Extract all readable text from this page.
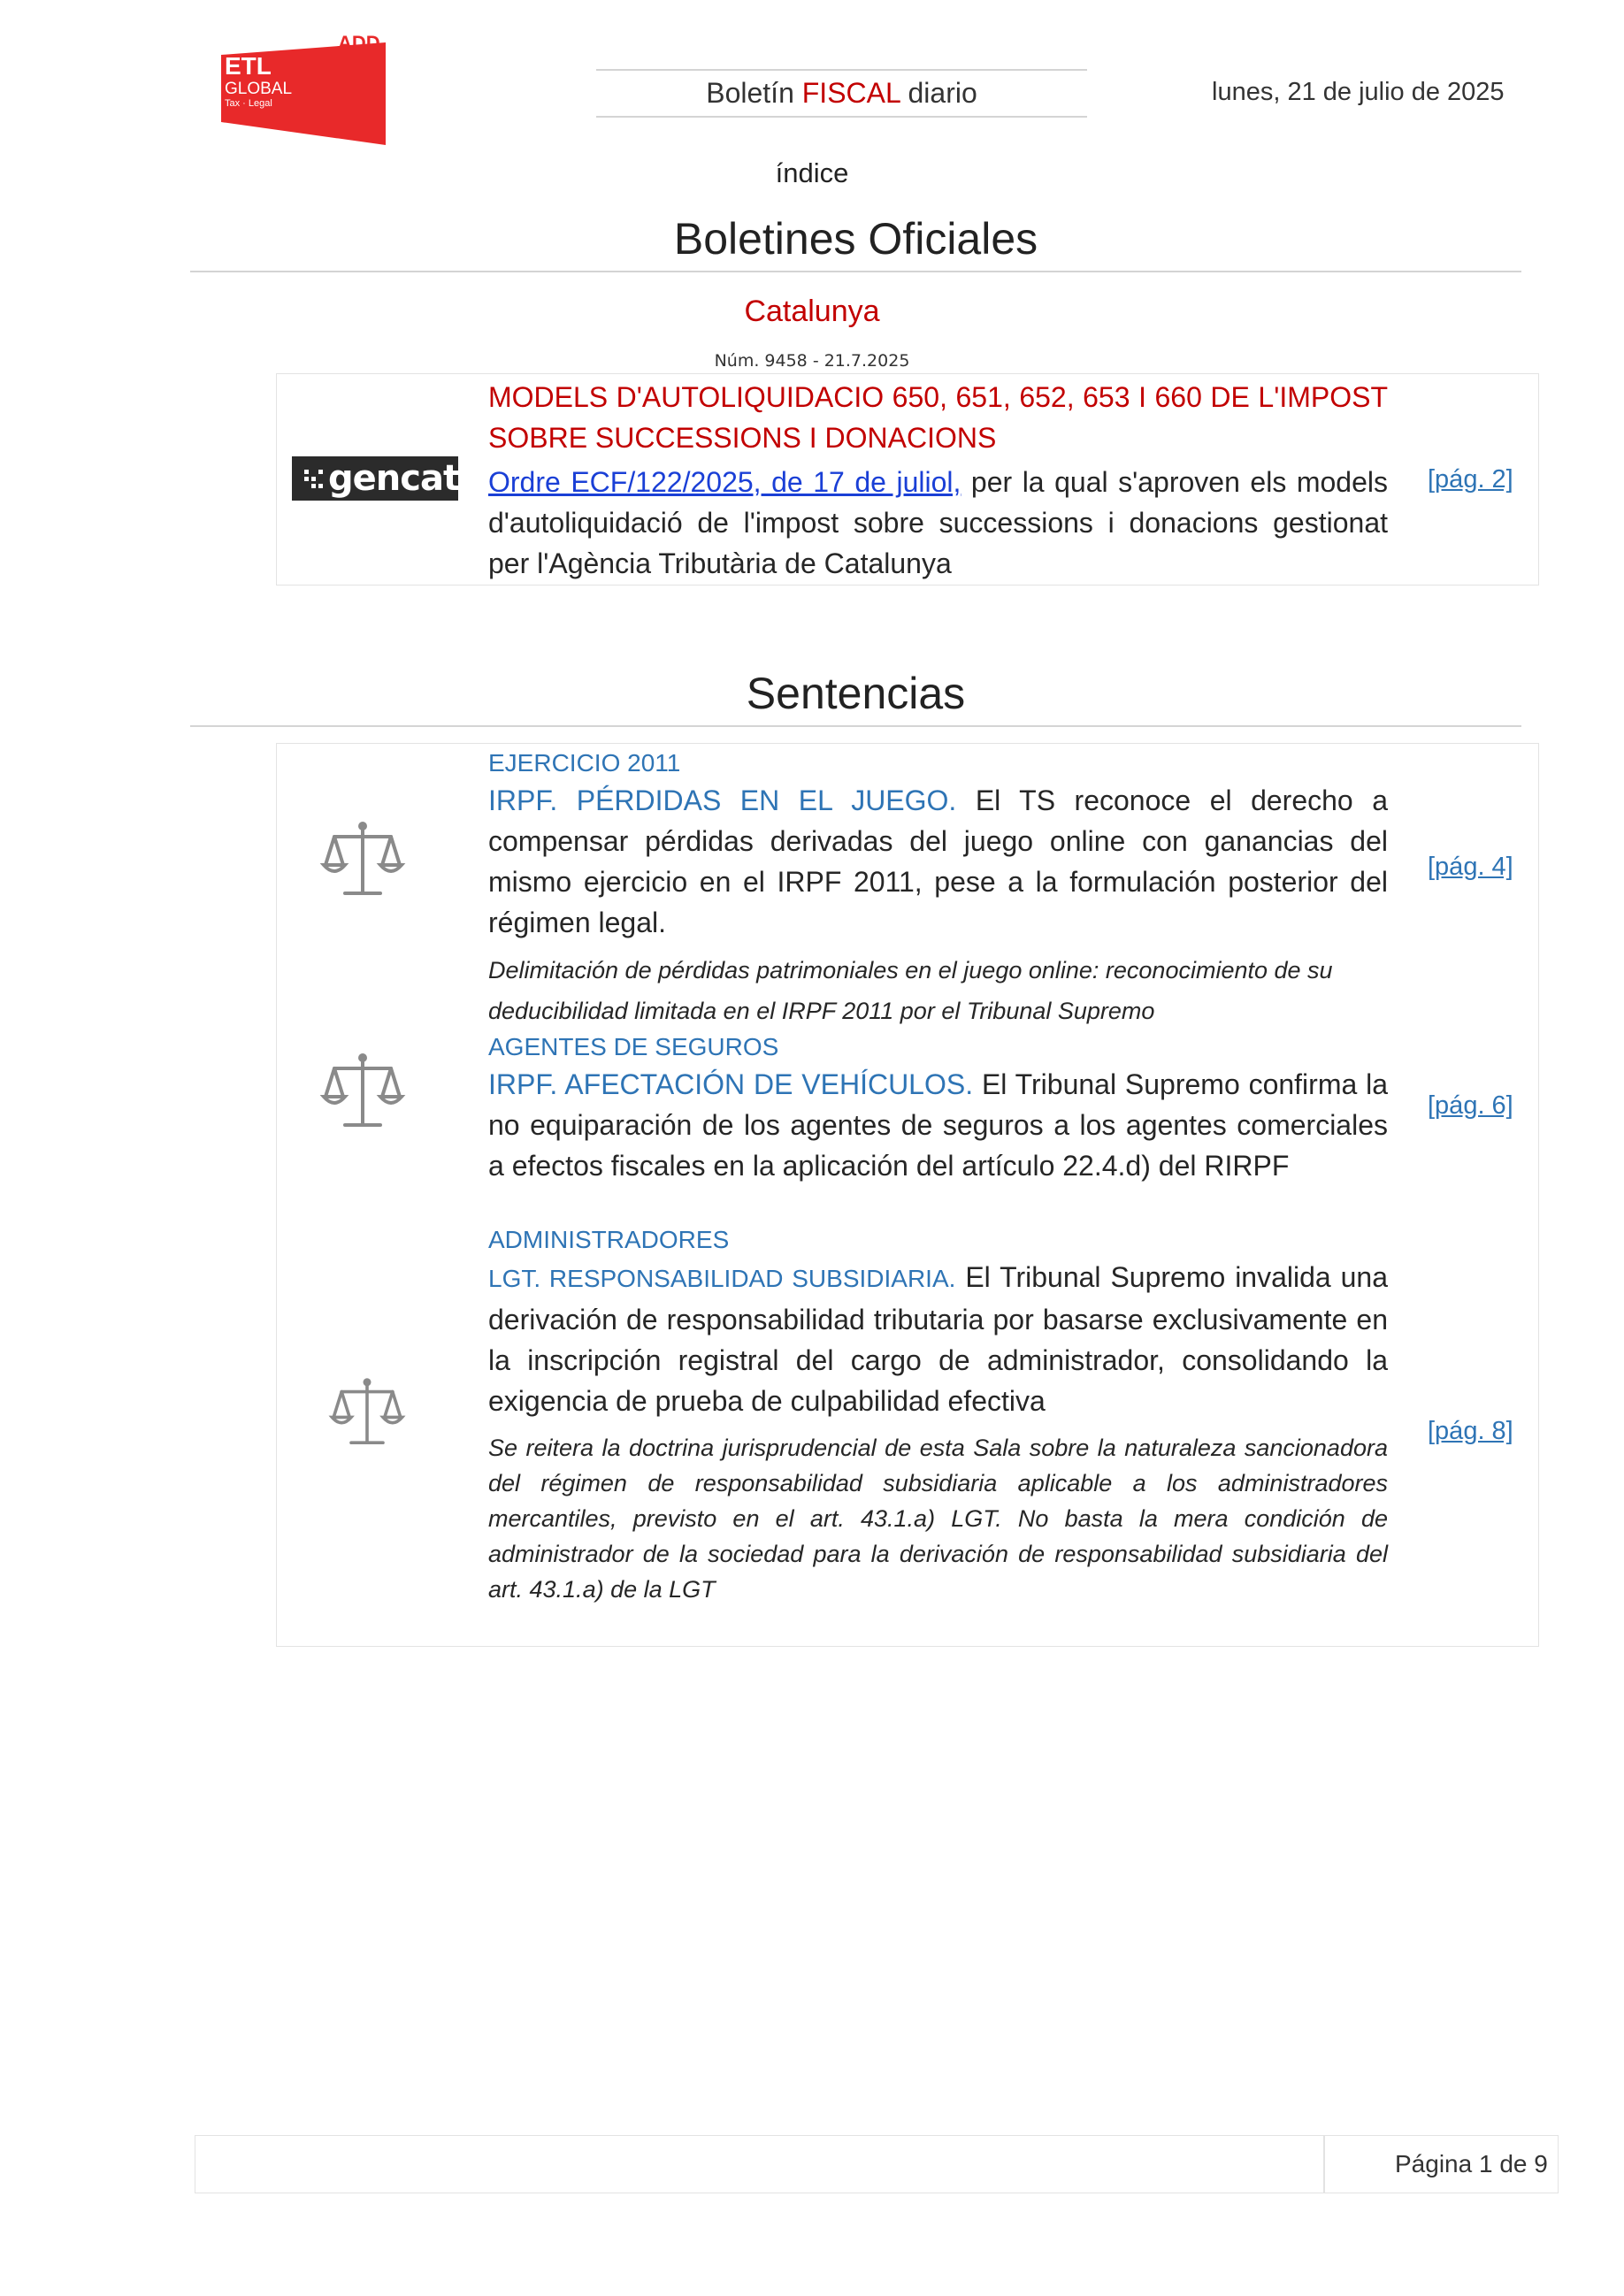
ADD
ETL
GLOBAL
Tax · Legal	Boletín FISCAL diario	lunes, 21 de julio de 2025
índice
Boletines Oficiales
Catalunya
Núm. 9458 - 21.7.2025
gencat
MODELS D'AUTOLIQUIDACIO 650, 651, 652, 653 I 660 DE L'IMPOST SOBRE SUCCESSIONS I DONACIONS
Ordre ECF/122/2025, de 17 de juliol, per la qual s'aproven els models d'autoliquidació de l'impost sobre successions i donacions gestionat per l'Agència Tributària de Catalunya
[pág. 2]
Sentencias
EJERCICIO 2011
IRPF. PÉRDIDAS EN EL JUEGO. El TS reconoce el derecho a compensar pérdidas derivadas del juego online con ganancias del mismo ejercicio en el IRPF 2011, pese a la formulación posterior del régimen legal.
Delimitación de pérdidas patrimoniales en el juego online: reconocimiento de su deducibilidad limitada en el IRPF 2011 por el Tribunal Supremo
[pág. 4]
AGENTES DE SEGUROS
IRPF. AFECTACIÓN DE VEHÍCULOS. El Tribunal Supremo confirma la no equiparación de los agentes de seguros a los agentes comerciales a efectos fiscales en la aplicación del artículo 22.4.d) del RIRPF
[pág. 6]
ADMINISTRADORES
LGT. RESPONSABILIDAD SUBSIDIARIA. El Tribunal Supremo invalida una derivación de responsabilidad tributaria por basarse exclusivamente en la inscripción registral del cargo de administrador, consolidando la exigencia de prueba de culpabilidad efectiva
Se reitera la doctrina jurisprudencial de esta Sala sobre la naturaleza sancionadora del régimen de responsabilidad subsidiaria aplicable a los administradores mercantiles, previsto en el art. 43.1.a) LGT. No basta la mera condición de administrador de la sociedad para la derivación de responsabilidad subsidiaria del art. 43.1.a) de la LGT
[pág. 8]
Página 1 de 9
